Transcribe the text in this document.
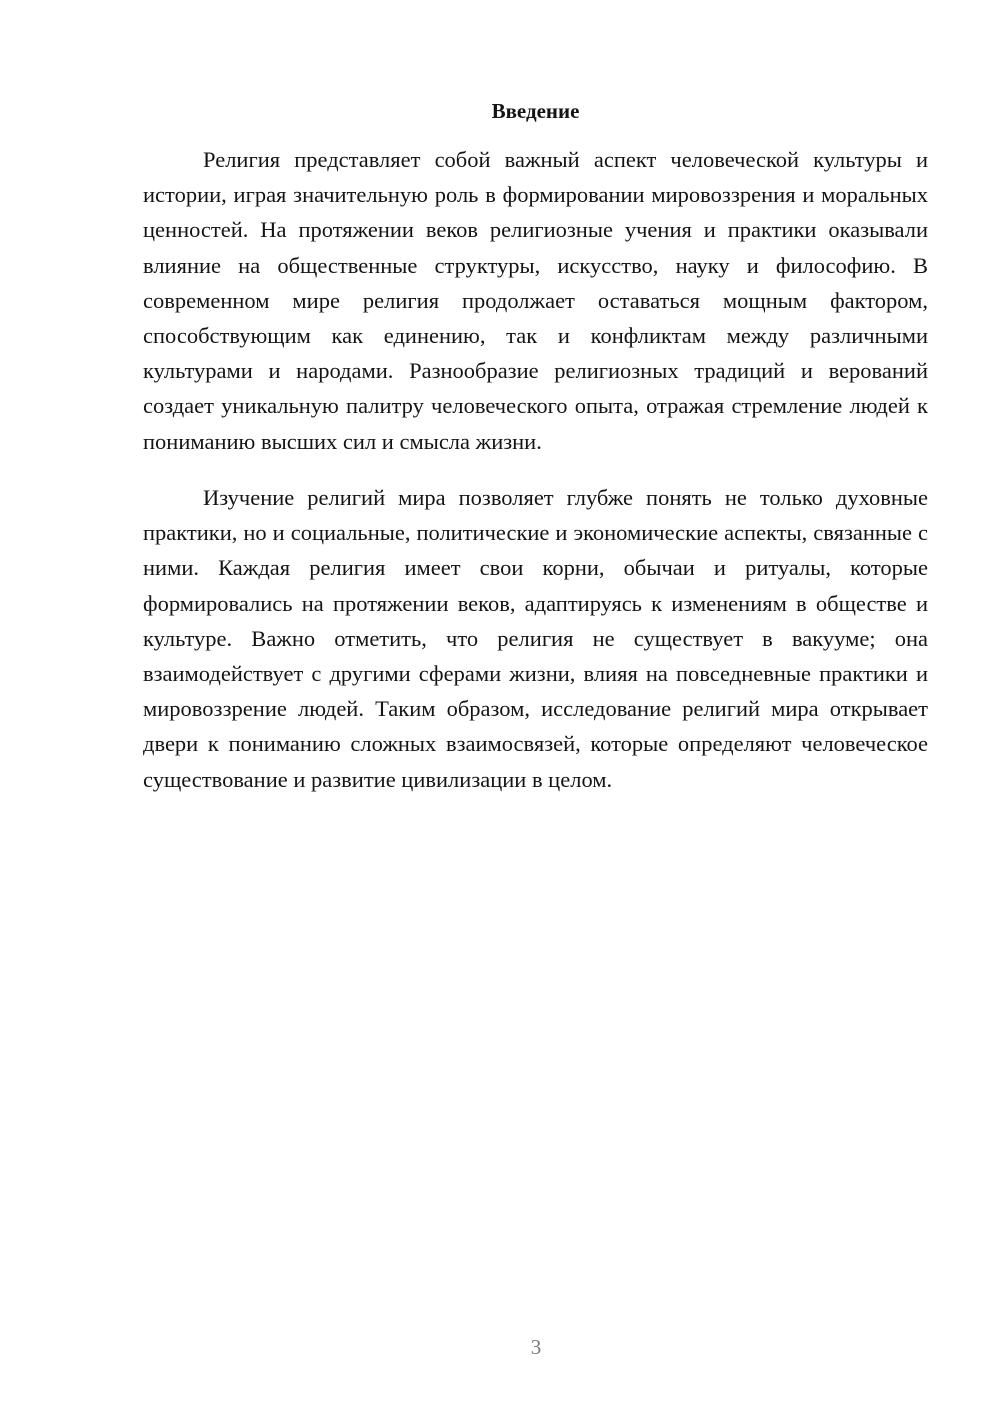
Введение

Религия представляет собой важный аспект человеческой культуры и истории, играя значительную роль в формировании мировоззрения и моральных ценностей. На протяжении веков религиозные учения и практики оказывали влияние на общественные структуры, искусство, науку и философию. В современном мире религия продолжает оставаться мощным фактором, способствующим как единению, так и конфликтам между различными культурами и народами. Разнообразие религиозных традиций и верований создает уникальную палитру человеческого опыта, отражая стремление людей к пониманию высших сил и смысла жизни.

Изучение религий мира позволяет глубже понять не только духовные практики, но и социальные, политические и экономические аспекты, связанные с ними. Каждая религия имеет свои корни, обычаи и ритуалы, которые формировались на протяжении веков, адаптируясь к изменениям в обществе и культуре. Важно отметить, что религия не существует в вакууме; она взаимодействует с другими сферами жизни, влияя на повседневные практики и мировоззрение людей. Таким образом, исследование религий мира открывает двери к пониманию сложных взаимосвязей, которые определяют человеческое существование и развитие цивилизации в целом.

3
